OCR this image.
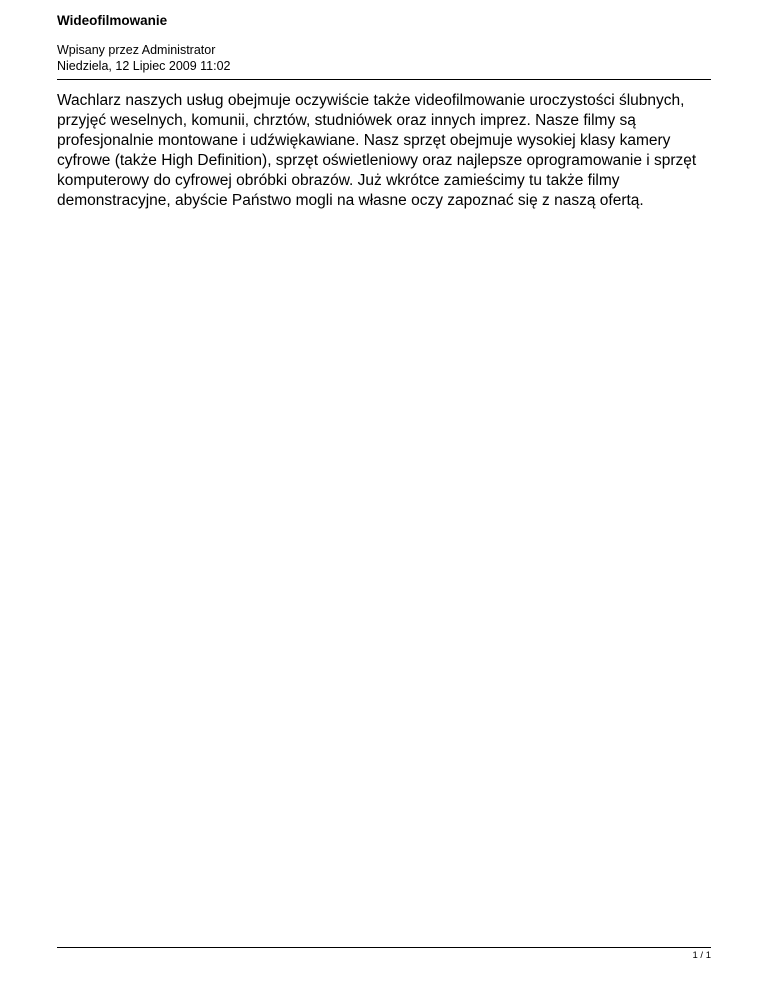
Wideofilmowanie
Wpisany przez Administrator
Niedziela, 12 Lipiec 2009 11:02

Wachlarz naszych usług obejmuje oczywiście także videofilmowanie uroczystości ślubnych,
przyjęć weselnych, komunii, chrztów, studniówek oraz innych imprez. Nasze filmy są
profesjonalnie montowane i udźwiękawiane. Nasz sprzęt obejmuje wysokiej klasy kamery
cyfrowe (także High Definition), sprzęt oświetleniowy oraz najlepsze oprogramowanie i sprzęt
komputerowy do cyfrowej obróbki obrazów. Już wkrótce zamieścimy tu także filmy
demonstracyjne, abyście Państwo mogli na własne oczy zapoznać się z naszą ofertą.

1 / 1
